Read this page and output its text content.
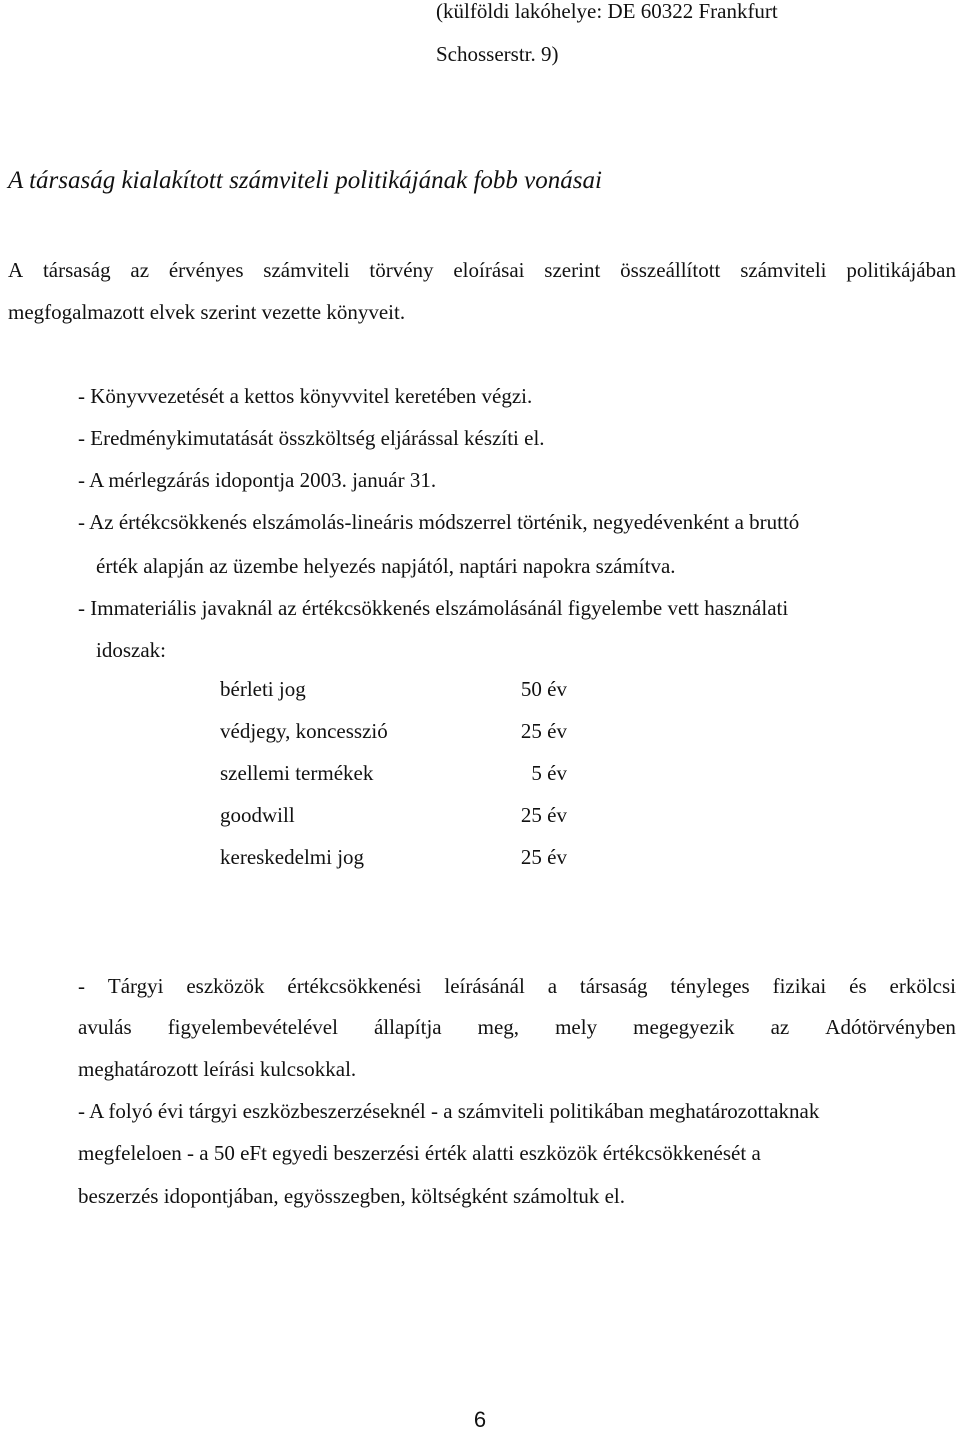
(külföldi lakóhelye: DE 60322 Frankfurt
Schosserstr. 9)
A társaság kialakított számviteli politikájának fobb vonásai
A társaság az érvényes számviteli törvény eloírásai szerint összeállított számviteli politikájában
megfogalmazott elvek szerint vezette könyveit.
- Könyvvezetését a kettos könyvvitel keretében végzi.
- Eredménykimutatását összköltség eljárással készíti el.
- A mérlegzárás idopontja 2003. január 31.
- Az értékcsökkenés elszámolás-lineáris módszerrel történik, negyedévenként a bruttó
érték alapján az üzembe helyezés napjától, naptári napokra számítva.
- Immateriális javaknál az értékcsökkenés elszámolásánál figyelembe vett használati
idoszak:
bérleti jog	50 év
védjegy, koncesszió	25 év
szellemi termékek	5 év
goodwill	25 év
kereskedelmi jog	25 év
- Tárgyi eszközök értékcsökkenési leírásánál a társaság tényleges fizikai és erkölcsi
avulás figyelembevételével állapítja meg, mely megegyezik az Adótörvényben
meghatározott leírási kulcsokkal.
- A folyó évi tárgyi eszközbeszerzéseknél - a számviteli politikában meghatározottaknak
megfeleloen - a 50 eFt egyedi beszerzési érték alatti eszközök értékcsökkenését a
beszerzés idopontjában, egyösszegben, költségként számoltuk el.
6
